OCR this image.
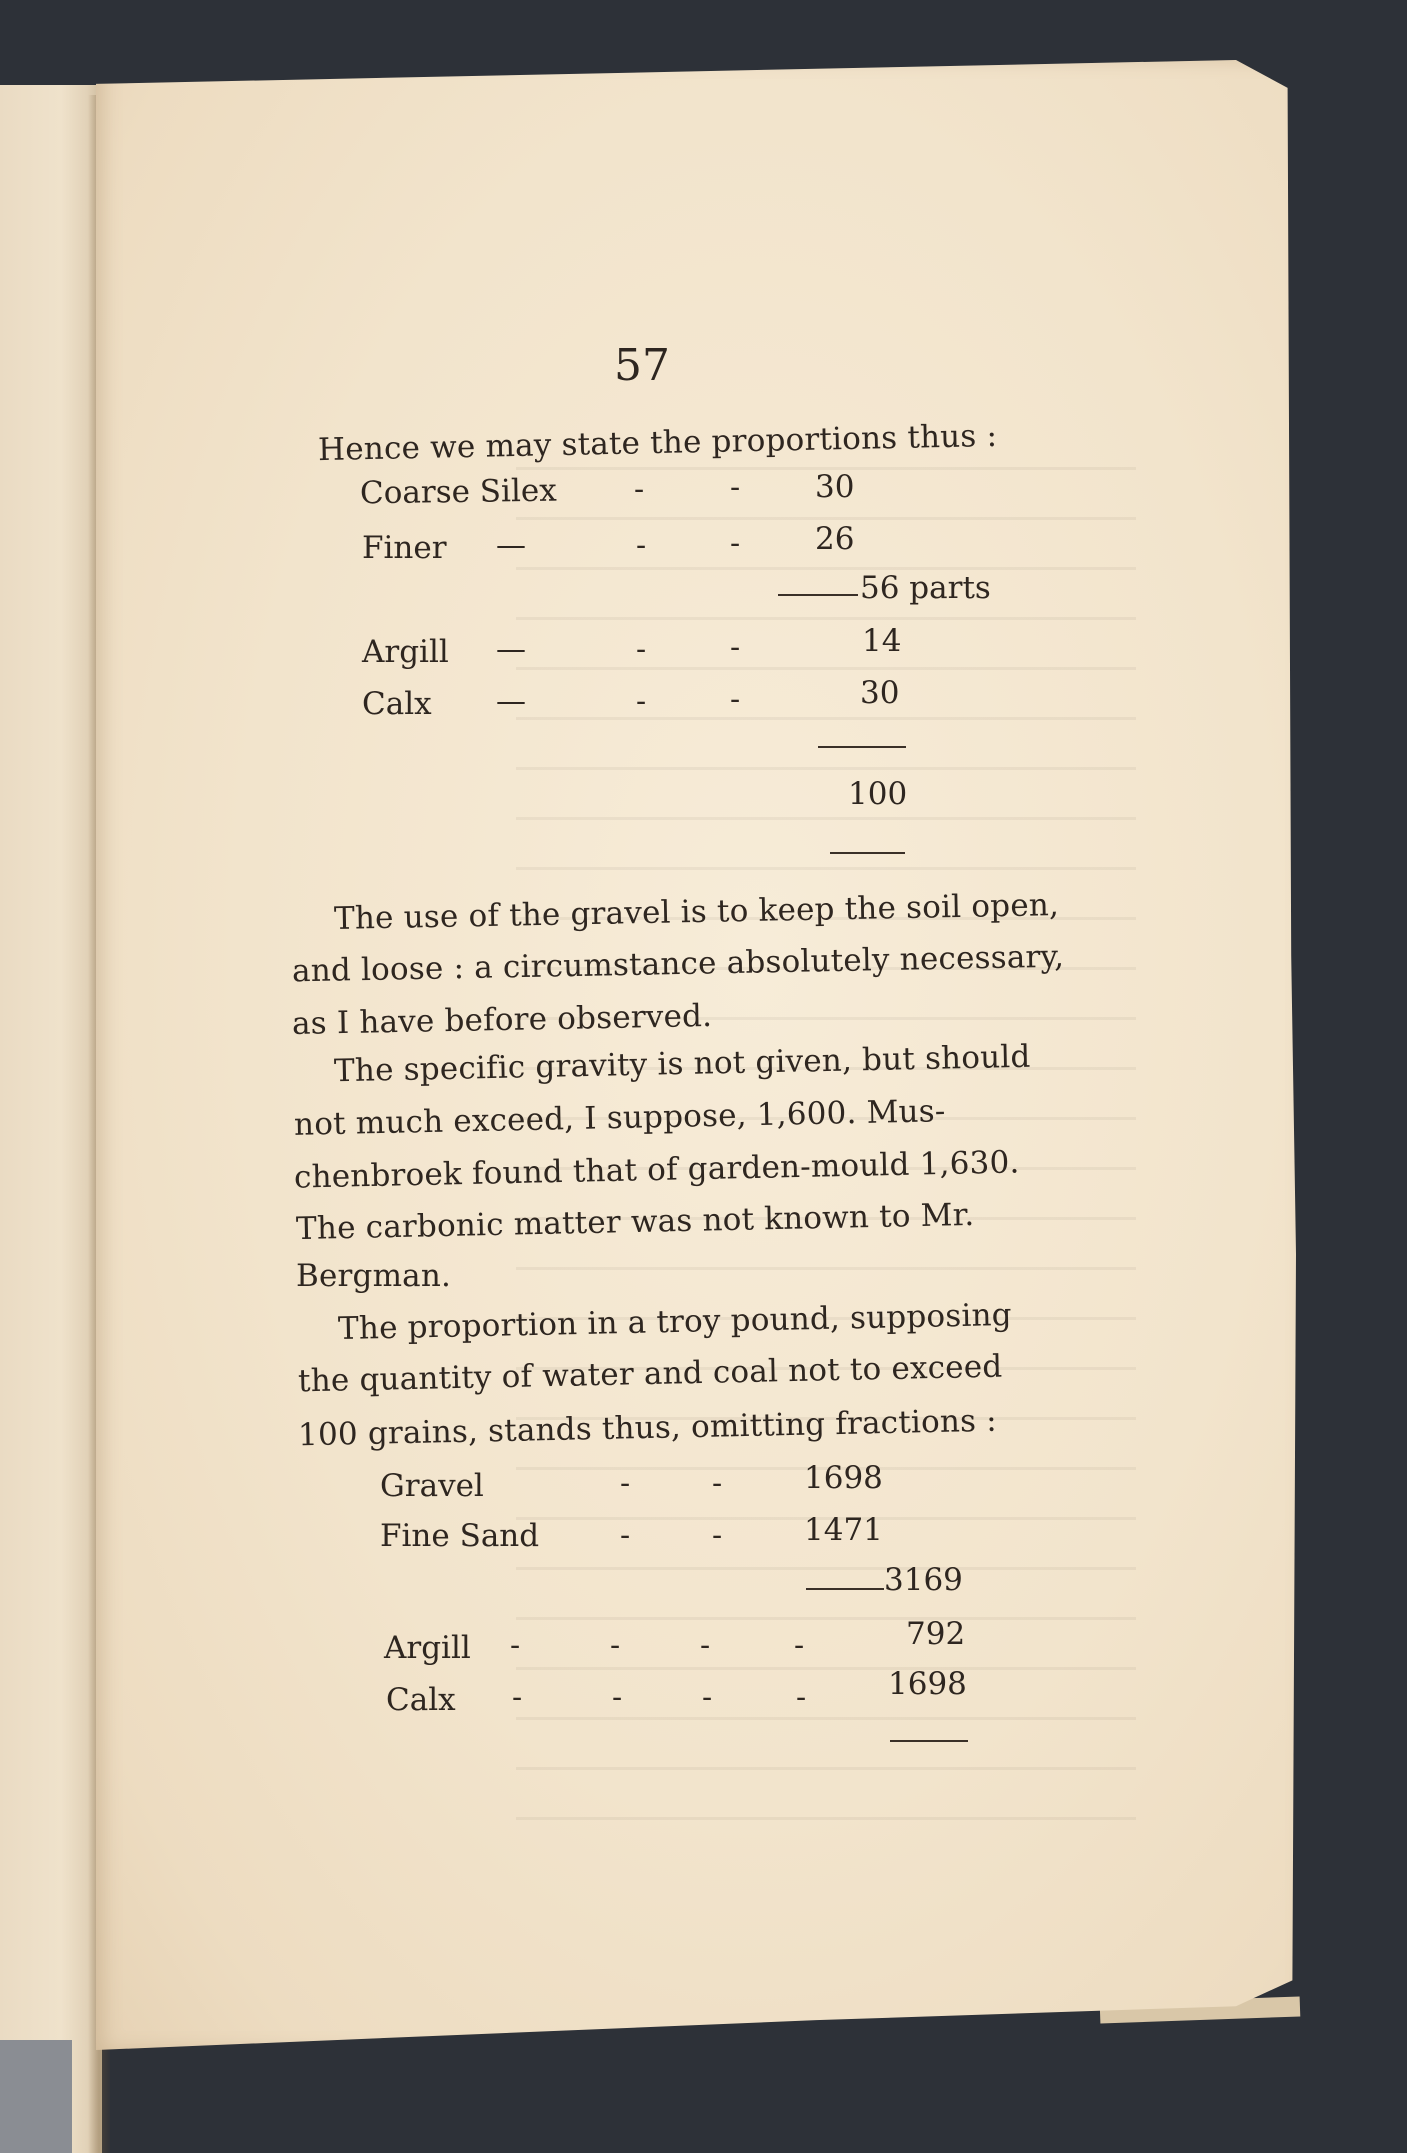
57
Hence we may state the proportions thus :
Coarse Silex	-	- 30
Finer —	-	- 26
56 parts
Argill —	-	-	14
Calx —	-	-	30
100
The use of the gravel is to keep the soil open,
and loose : a circumstance absolutely necessary,
as I have before observed.
The specific gravity is not given, but should
not much exceed, I suppose, 1,600. Mus-
chenbroek found that of garden-mould 1,630.
The carbonic matter was not known to Mr.
Bergman.
The proportion in a troy pound, supposing
the quantity of water and coal not to exceed
100 grains, stands thus, omitting fractions :
Gravel	-	-	1698
Fine Sand	-	-	1471
3169
Argill -	-	-	-	792
Calx -	-	-	-	1698
